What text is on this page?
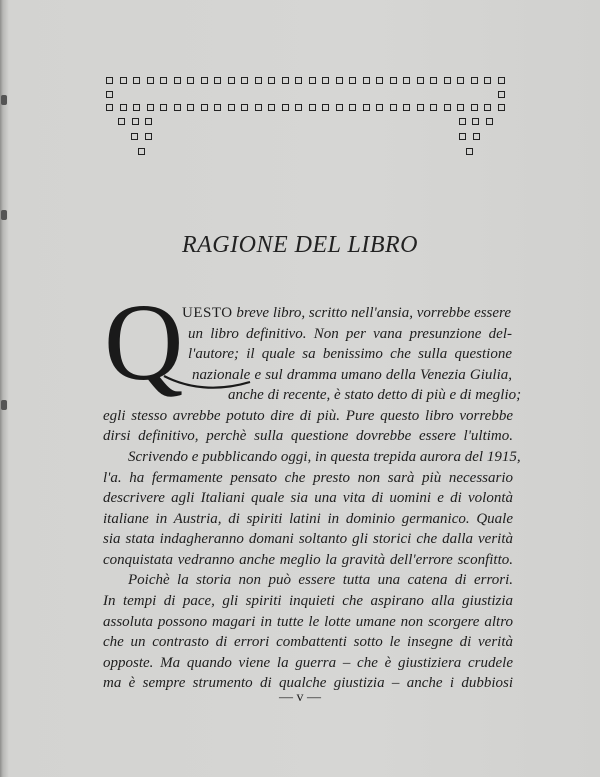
RAGIONE DEL LIBRO
Q
UESTO breve libro, scritto nell'ansia, vorrebbe essere
un libro definitivo. Non per vana presunzione del-
l'autore; il quale sa benissimo che sulla questione
nazionale e sul dramma umano della Venezia Giulia,
anche di recente, è stato detto di più e di meglio;
egli stesso avrebbe potuto dire di più. Pure questo libro vorrebbe
dirsi definitivo, perchè sulla questione dovrebbe essere l'ultimo.
Scrivendo e pubblicando oggi, in questa trepida aurora del 1915,
l'a. ha fermamente pensato che presto non sarà più necessario
descrivere agli Italiani quale sia una vita di uomini e di volontà
italiane in Austria, di spiriti latini in dominio germanico. Quale
sia stata indagheranno domani soltanto gli storici che dalla verità
conquistata vedranno anche meglio la gravità dell'errore sconfitto.
Poichè la storia non può essere tutta una catena di errori.
In tempi di pace, gli spiriti inquieti che aspirano alla giustizia
assoluta possono magari in tutte le lotte umane non scorgere altro
che un contrasto di errori combattenti sotto le insegne di verità
opposte. Ma quando viene la guerra – che è giustiziera crudele
ma è sempre strumento di qualche giustizia – anche i dubbiosi
— v —
